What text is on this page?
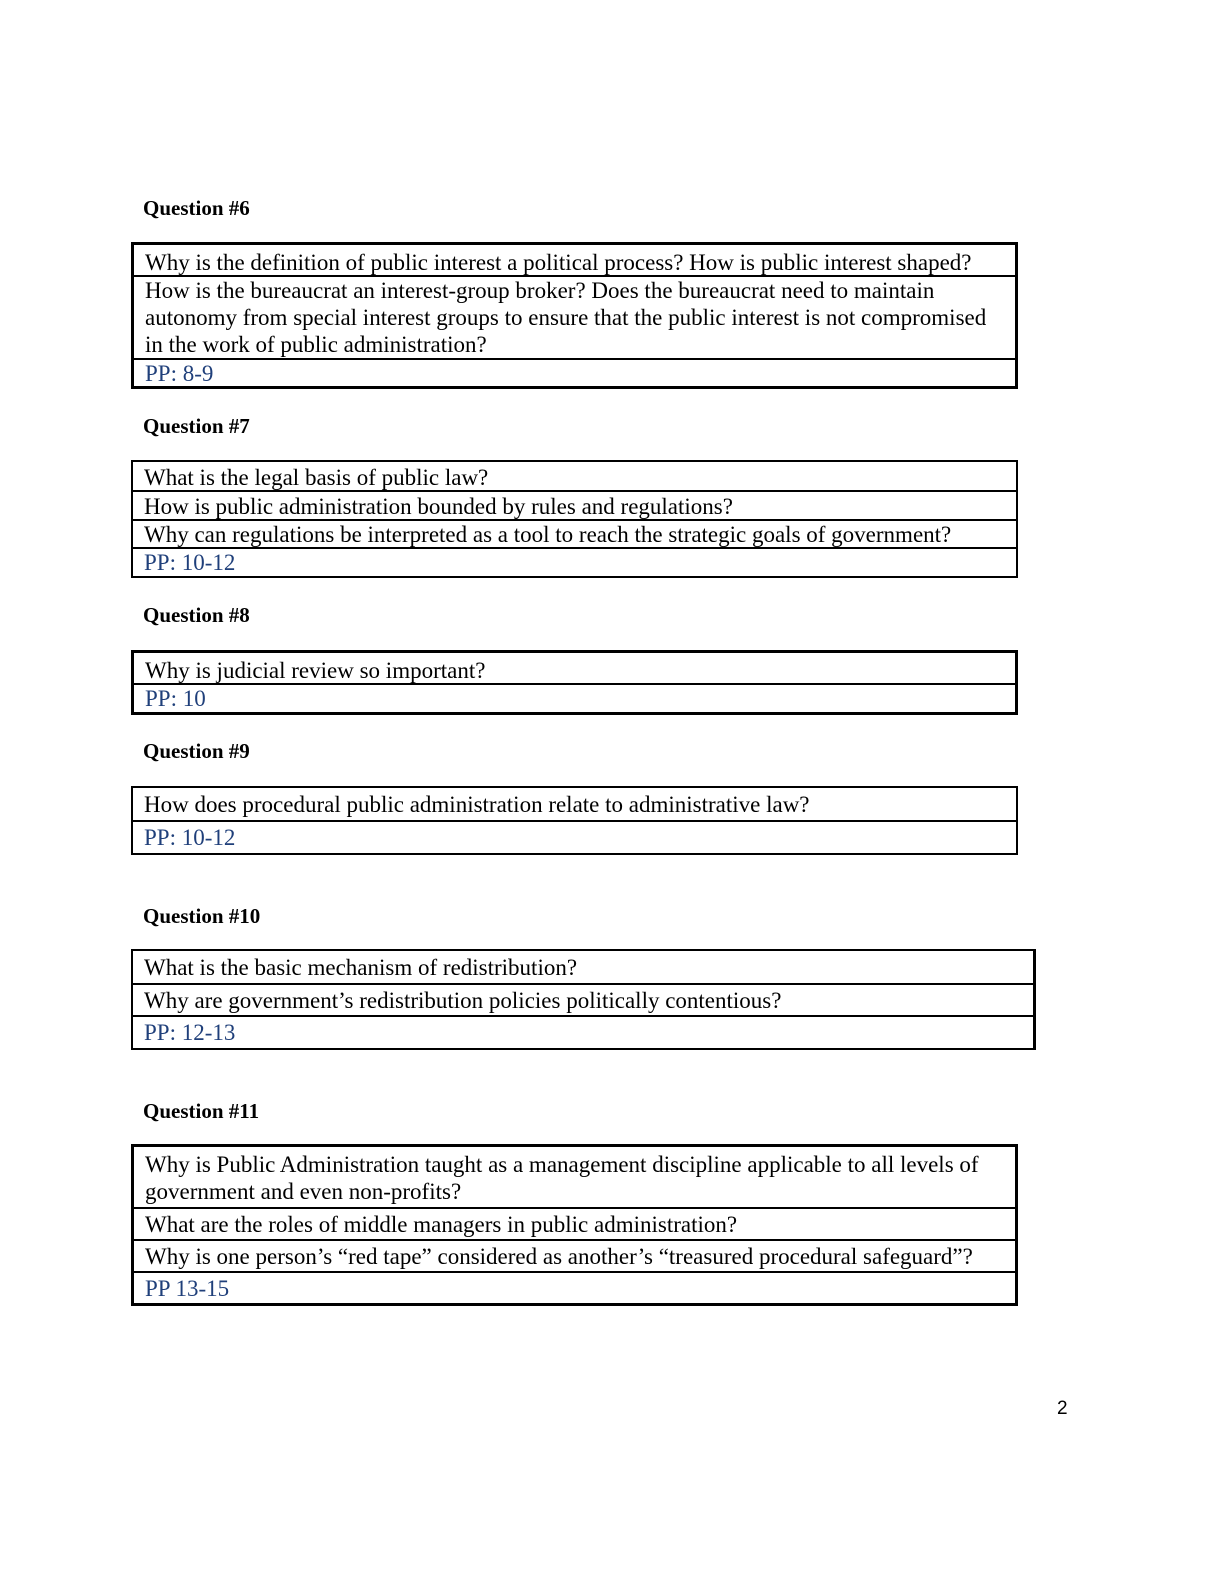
Question #6
Why is the definition of public interest a political process? How is public interest shaped?
How is the bureaucrat an interest-group broker? Does the bureaucrat need to maintain autonomy from special interest groups to ensure that the public interest is not compromised in the work of public administration?
PP: 8-9
Question #7
What is the legal basis of public law?
How is public administration bounded by rules and regulations?
Why can regulations be interpreted as a tool to reach the strategic goals of government?
PP: 10-12
Question #8
Why is judicial review so important?
PP: 10
Question #9
How does procedural public administration relate to administrative law?
PP: 10-12
Question #10
What is the basic mechanism of redistribution?
Why are government’s redistribution policies politically contentious?
PP: 12-13
Question #11
Why is Public Administration taught as a management discipline applicable to all levels of government and even non-profits?
What are the roles of middle managers in public administration?
Why is one person’s “red tape” considered as another’s “treasured procedural safeguard”?
PP 13-15
2
